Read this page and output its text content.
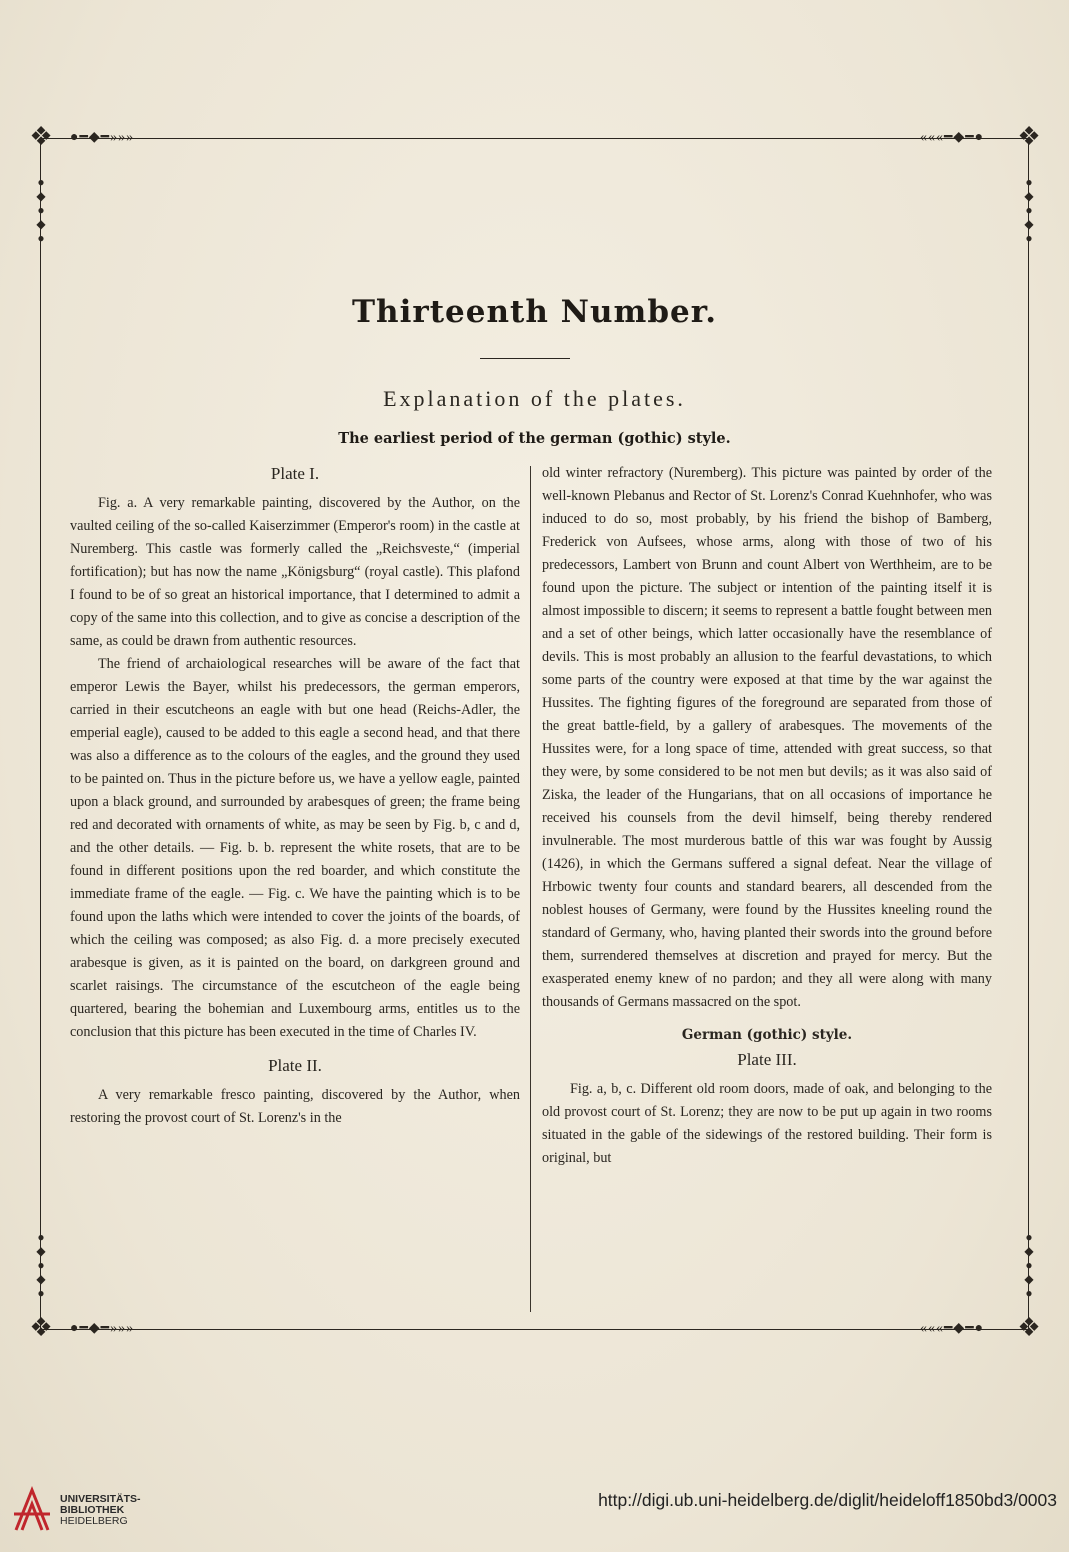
❖	❖
❖	❖
●━◆━»»»	«««━◆━●
●━◆━»»»	«««━◆━●
●◆●◆●	●◆●◆●
●◆●◆●	●◆●◆●
Thirteenth Number.
Explanation of the plates.
The earliest period of the german (gothic) style.
Plate I.

Fig. a. A very remarkable painting, discovered by the Author, on the vaulted ceiling of the so-called Kaiserzimmer (Emperor's room) in the castle at Nuremberg. This castle was formerly called the „Reichsveste,“ (imperial fortification); but has now the name „Königsburg“ (royal castle). This plafond I found to be of so great an historical importance, that I determined to admit a copy of the same into this collection, and to give as concise a description of the same, as could be drawn from authentic resources.

The friend of archaiological researches will be aware of the fact that emperor Lewis the Bayer, whilst his predecessors, the german emperors, carried in their escutcheons an eagle with but one head (Reichs-Adler, the emperial eagle), caused to be added to this eagle a second head, and that there was also a difference as to the colours of the eagles, and the ground they used to be painted on. Thus in the picture before us, we have a yellow eagle, painted upon a black ground, and surrounded by arabesques of green; the frame being red and decorated with ornaments of white, as may be seen by Fig. b, c and d, and the other details. — Fig. b. b. represent the white rosets, that are to be found in different positions upon the red boarder, and which constitute the immediate frame of the eagle. — Fig. c. We have the painting which is to be found upon the laths which were intended to cover the joints of the boards, of which the ceiling was composed; as also Fig. d. a more precisely executed arabesque is given, as it is painted on the board, on darkgreen ground and scarlet raisings. The circumstance of the escutcheon of the eagle being quartered, bearing the bohemian and Luxembourg arms, entitles us to the conclusion that this picture has been executed in the time of Charles IV.

Plate II.

A very remarkable fresco painting, discovered by the Author, when restoring the provost court of St. Lorenz's in the

old winter refractory (Nuremberg). This picture was painted by order of the well-known Plebanus and Rector of St. Lorenz's Conrad Kuehnhofer, who was induced to do so, most probably, by his friend the bishop of Bamberg, Frederick von Aufsees, whose arms, along with those of two of his predecessors, Lambert von Brunn and count Albert von Werthheim, are to be found upon the picture. The subject or intention of the painting itself it is almost impossible to discern; it seems to represent a battle fought between men and a set of other beings, which latter occasionally have the resemblance of devils. This is most probably an allusion to the fearful devastations, to which some parts of the country were exposed at that time by the war against the Hussites. The fighting figures of the foreground are separated from those of the great battle-field, by a gallery of arabesques. The movements of the Hussites were, for a long space of time, attended with great success, so that they were, by some considered to be not men but devils; as it was also said of Ziska, the leader of the Hungarians, that on all occasions of importance he received his counsels from the devil himself, being thereby rendered invulnerable. The most murderous battle of this war was fought by Aussig (1426), in which the Germans suffered a signal defeat. Near the village of Hrbowic twenty four counts and standard bearers, all descended from the noblest houses of Germany, were found by the Hussites kneeling round the standard of Germany, who, having planted their swords into the ground before them, surrendered themselves at discretion and prayed for mercy. But the exasperated enemy knew of no pardon; and they all were along with many thousands of Germans massacred on the spot.

German (gothic) style.
Plate III.

Fig. a, b, c. Different old room doors, made of oak, and belonging to the old provost court of St. Lorenz; they are now to be put up again in two rooms situated in the gable of the sidewings of the restored building. Their form is original, but

UNIVERSITÄTS-
BIBLIOTHEK
HEIDELBERG
http://digi.ub.uni-heidelberg.de/diglit/heideloff1850bd3/0003
